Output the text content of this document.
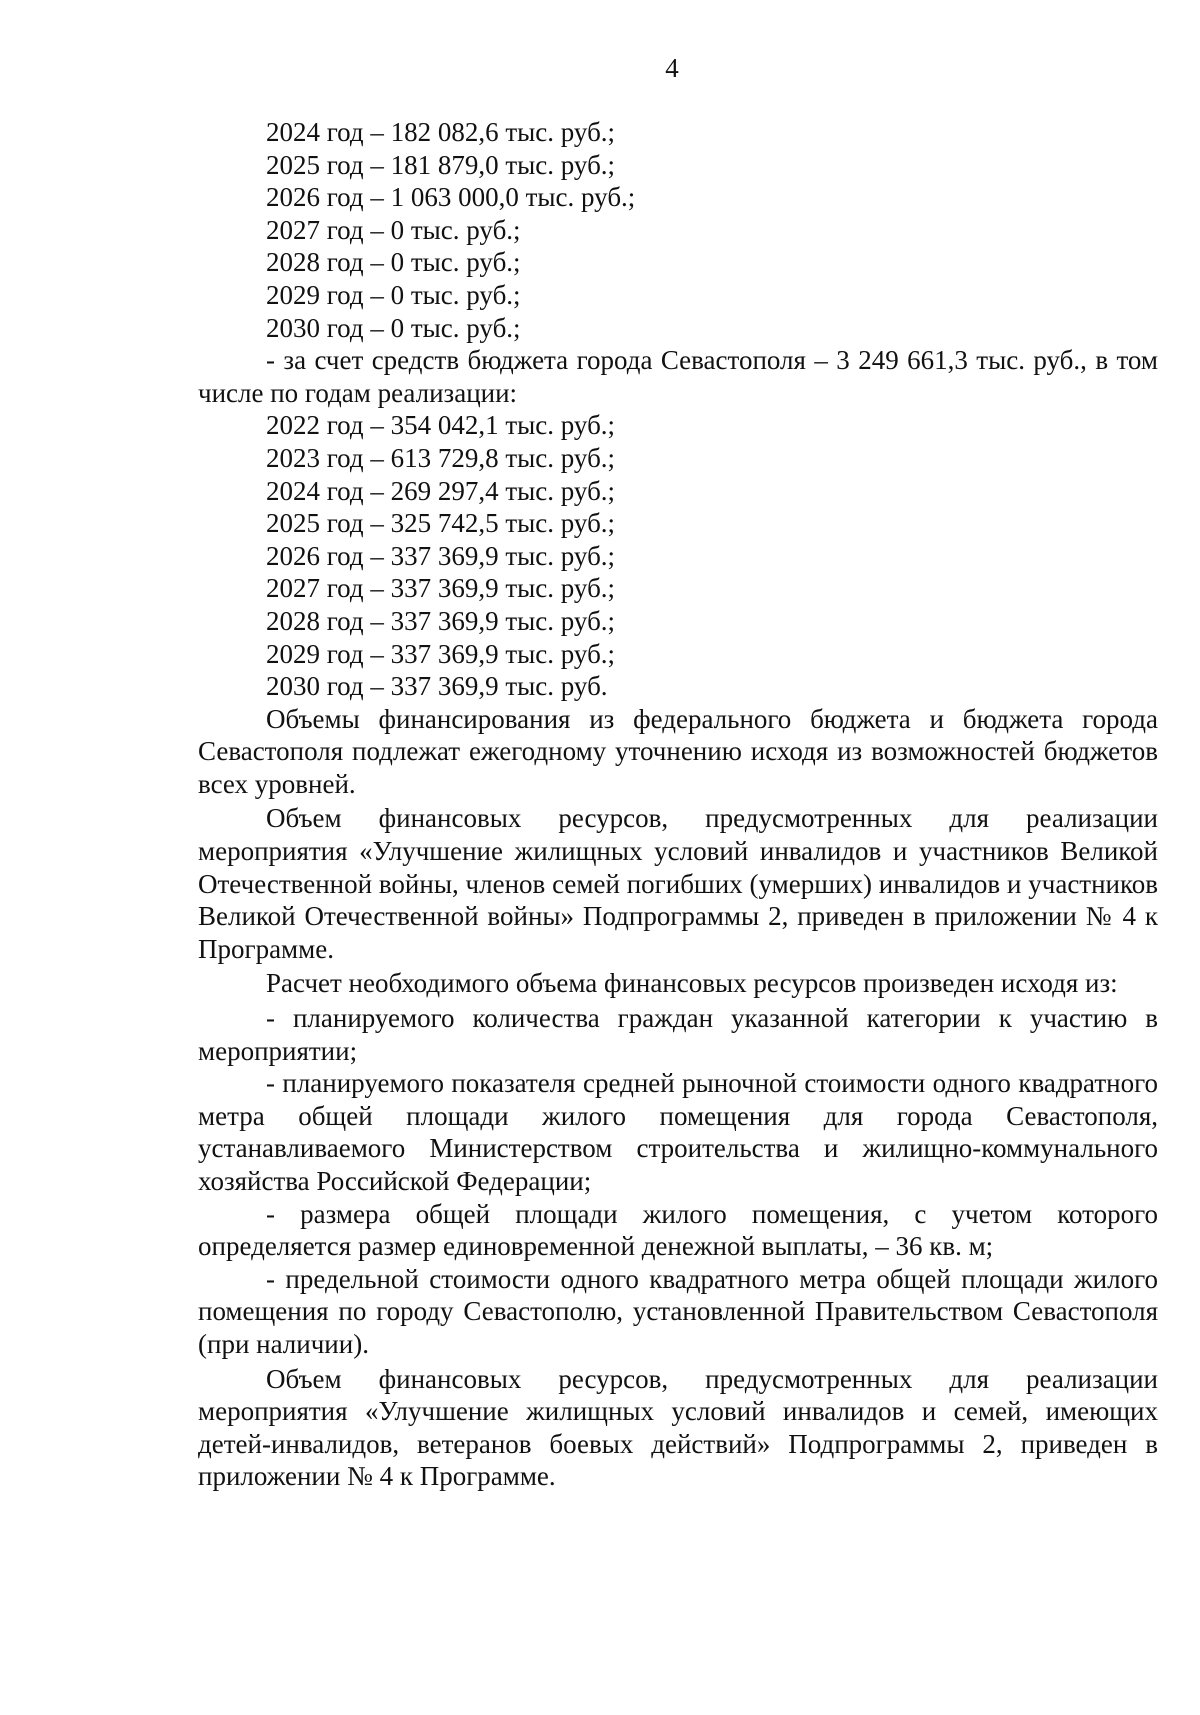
4
2024 год – 182 082,6 тыс. руб.;
2025 год – 181 879,0 тыс. руб.;
2026 год – 1 063 000,0 тыс. руб.;
2027 год – 0 тыс. руб.;
2028 год – 0 тыс. руб.;
2029 год – 0 тыс. руб.;
2030 год – 0 тыс. руб.;

- за счет средств бюджета города Севастополя – 3 249 661,3 тыс. руб., в том числе по годам реализации:

2022 год – 354 042,1 тыс. руб.;
2023 год – 613 729,8 тыс. руб.;
2024 год – 269 297,4 тыс. руб.;
2025 год – 325 742,5 тыс. руб.;
2026 год – 337 369,9 тыс. руб.;
2027 год – 337 369,9 тыс. руб.;
2028 год – 337 369,9 тыс. руб.;
2029 год – 337 369,9 тыс. руб.;
2030 год – 337 369,9 тыс. руб.

Объемы финансирования из федерального бюджета и бюджета города Севастополя подлежат ежегодному уточнению исходя из возможностей бюджетов всех уровней.

Объем финансовых ресурсов, предусмотренных для реализации мероприятия «Улучшение жилищных условий инвалидов и участников Великой Отечественной войны, членов семей погибших (умерших) инвалидов и участников Великой Отечественной войны» Подпрограммы 2, приведен в приложении № 4 к Программе.

Расчет необходимого объема финансовых ресурсов произведен исходя из:

- планируемого количества граждан указанной категории к участию в мероприятии;

- планируемого показателя средней рыночной стоимости одного квадратного метра общей площади жилого помещения для города Севастополя, устанавливаемого Министерством строительства и жилищно-коммунального хозяйства Российской Федерации;

- размера общей площади жилого помещения, с учетом которого определяется размер единовременной денежной выплаты, – 36 кв. м;

- предельной стоимости одного квадратного метра общей площади жилого помещения по городу Севастополю, установленной Правительством Севастополя (при наличии).

Объем финансовых ресурсов, предусмотренных для реализации мероприятия «Улучшение жилищных условий инвалидов и семей, имеющих детей-инвалидов, ветеранов боевых действий» Подпрограммы 2, приведен в приложении № 4 к Программе.
